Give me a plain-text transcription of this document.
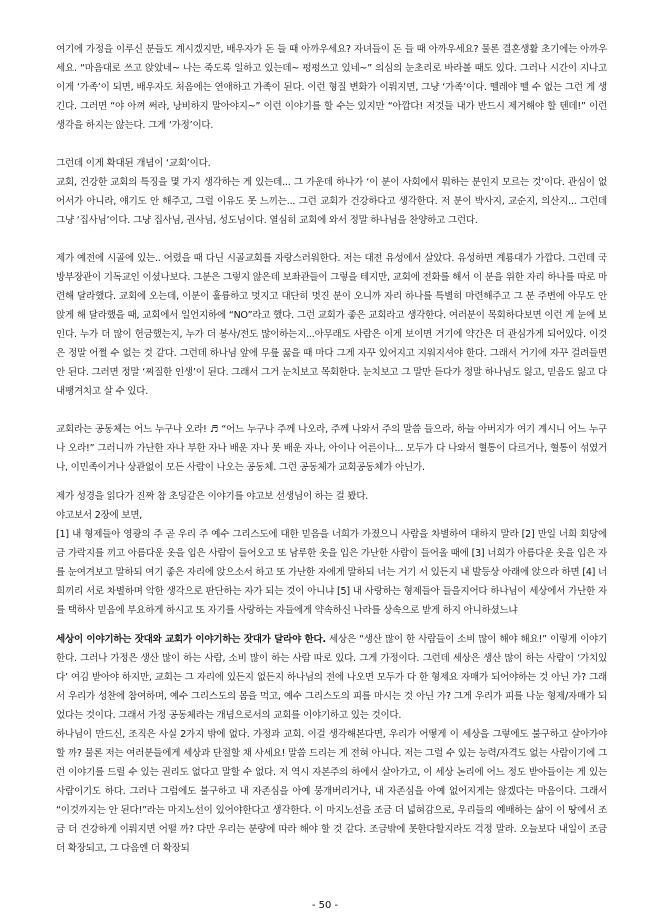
여기에 가정을 이루신 분들도 계시겠지만, 배우자가 돈 들 때 아까우세요? 자녀들이 돈 들 때 아까우세요? 물론 결혼생활 초기에는 아까우세요. “마음대로 쓰고 앉았네~ 나는 죽도록 일하고 있는데~ 펑펑쓰고 있네~” 의심의 눈초리로 바라볼 때도 있다. 그러나 시간이 지나고 이게 ‘가족’이 되면, 배우자도 처음에는 연애하고 가족이 된다. 이런 형질 변화가 이뤄지면, 그냥 ‘가족’이다. 뗄레야 뗄 수 없는 그런 게 생긴다. 그러면 “야 아껴 써라, 낭비하지 말아야지~” 이런 이야기를 할 수는 있지만 “아깝다! 저것들 내가 반드시 제거해야 할 텐데!” 이런 생각을 하지는 않는다. 그게 ‘가정’이다.

그런데 이게 확대된 개념이 ‘교회’이다.

교회, 건강한 교회의 특징을 몇 가지 생각하는 게 있는데... 그 가운데 하나가 ‘이 분이 사회에서 뭐하는 분인지 모르는 것’이다. 관심이 없어서가 아니라, 얘기도 안 해주고, 그럴 이유도 못 느끼는... 그런 교회가 건강하다고 생각한다. 저 분이 박사지, 교순지, 의산지... 그런데 그냥 ‘집사님’이다. 그냥 집사님, 권사님, 성도님이다. 열심히 교회에 와서 정말 하나님을 찬양하고 그런다.

제가 예전에 시골에 있는.. 어렸을 때 다닌 시골교회를 자랑스러워한다. 저는 대전 유성에서 살았다. 유성하면 계룡대가 가깝다. 그런데 국방부장관이 기독교인 이셨나보다. 그분은 그렇지 않은데 보좌관들이 그렇을 테지만, 교회에 전화를 해서 이 분을 위한 자리 하나를 따로 마련해 달라했다. 교회에 오는데, 이분이 훌륭하고 멋지고 대단히 멋진 분이 오니까 자리 하나를 특별히 마련해주고 그 분 주변에 아무도 안 앉게 해 달라했을 때, 교회에서 일언지하에 “NO”라고 했다. 그런 교회가 좋은 교회라고 생각한다. 여러분이 목회하다보면 이런 게 눈에 보인다. 누가 더 많이 헌금했는지, 누가 더 봉사/전도 많이하는지...아무래도 사람은 이게 보이면 거기에 약간은 더 관심가게 되어있다. 이것은 정말 어쩔 수 없는 것 같다. 그런데 하나님 앞에 무릎 꿇을 때 마다 그게 자꾸 있어지고 지워지셔야 한다. 그래서 거기에 자꾸 걸려들면 안 된다. 그러면 정말 ‘찌질한 인생’이 된다. 그래서 그거 눈치보고 목회한다. 눈치보고 그 말만 듣다가 정말 하나님도 잃고, 믿음도 잃고 다 내팽겨치고 살 수 있다.

교회라는 공동체는 어느 누구나 오라! ♬ “어느 누구나 주께 나오라, 주께 나와서 주의 말씀 들으라, 하늘 아버지가 여기 계시니 어느 누구나 오라!” 그러니까 가난한 자나 부한 자나 배운 자나 못 배운 자나, 아이나 어른이나... 모두가 다 나와서 혈통이 다르거나, 혈통이 섞였거나, 이민족이거나 상관없이 모든 사람이 나오는 공동체. 그런 공동체가 교회공동체가 아닌가.

제가 성경을 읽다가 진짜 참 초딩같은 이야기를 야고보 선생님이 하는 걸 봤다.

야고보서 2장에 보면,

[1] 내 형제들아 영광의 주 곧 우리 주 예수 그리스도에 대한 믿음을 너희가 가졌으니 사람을 차별하여 대하지 말라 [2] 만일 너희 회당에 금 가락지를 끼고 아름다운 옷을 입은 사람이 들어오고 또 남루한 옷을 입은 가난한 사람이 들어올 때에 [3] 너희가 아름다운 옷을 입은 자를 눈여겨보고 말하되 여기 좋은 자리에 앉으소서 하고 또 가난한 자에게 말하되 너는 거기 서 있든지 내 발등상 아래에 앉으라 하면 [4] 너희끼리 서로 차별하며 악한 생각으로 판단하는 자가 되는 것이 아니냐 [5] 내 사랑하는 형제들아 들을지어다 하나님이 세상에서 가난한 자를 택하사 믿음에 부요하게 하시고 또 자기를 사랑하는 자들에게 약속하신 나라를 상속으로 받게 하지 아니하셨느냐

세상이 이야기하는 잣대와 교회가 이야기하는 잣대가 달라야 한다. 세상은 “생산 많이 한 사람들이 소비 많이 해야 해요!” 이렇게 이야기한다. 그러나 가정은 생산 많이 하는 사람, 소비 많이 하는 사람 따로 있다. 그게 가정이다. 그런데 세상은 생산 많이 하는 사람이 ‘가치있다’ 여김 받아야 하지만, 교회는 그 자리에 있든지 없든지 하나님의 전에 나오면 모두가 다 한 형제요 자매가 되어야하는 것 아닌 가? 그래서 우리가 성찬에 참여하며, 예수 그리스도의 몸을 먹고, 예수 그리스도의 피를 마시는 것 아닌 가? 그게 우리가 피를 나눈 형제/자매가 되었다는 것이다. 그래서 가정 공동체라는 개념으로서의 교회를 이야기하고 있는 것이다.

하나님이 만드신, 조직은 사실 2가지 밖에 없다. 가정과 교회. 이걸 생각해본다면, 우리가 어떻게 이 세상을 그렇에도 불구하고 살아가야 할 까? 물론 저는 여러분들에게 세상과 단절할 채 사세요! 말씀 드리는 게 전혀 아니다. 저는 그럴 수 있는 능력/자격도 없는 사람이기에 그런 이야기를 드릴 수 있는 권리도 없다고 말할 수 없다. 저 역시 자본주의 하에서 살아가고, 이 세상 논리에 어느 정도 받아들이는 게 있는 사람이기도 하다. 그러나 그럼에도 불구하고 내 자존심을 아예 뭉개버리거나, 내 자존심을 아예 없어지게는 않겠다는 마음이다. 그래서 “이것까지는 안 된다!”라는 마지노선이 있어야한다고 생각한다. 이 마지노선을 조금 더 넓혀감으로, 우리들의 예배하는 삶이 이 땅에서 조금 더 건강하게 이뤄지면 어떨 까? 다만 우리는 분량에 따라 해야 할 것 같다. 조금밖에 못한다할지라도 걱정 말라. 오늘보다 내일이 조금 더 확장되고, 그 다음엔 더 확장되

- 50 -
